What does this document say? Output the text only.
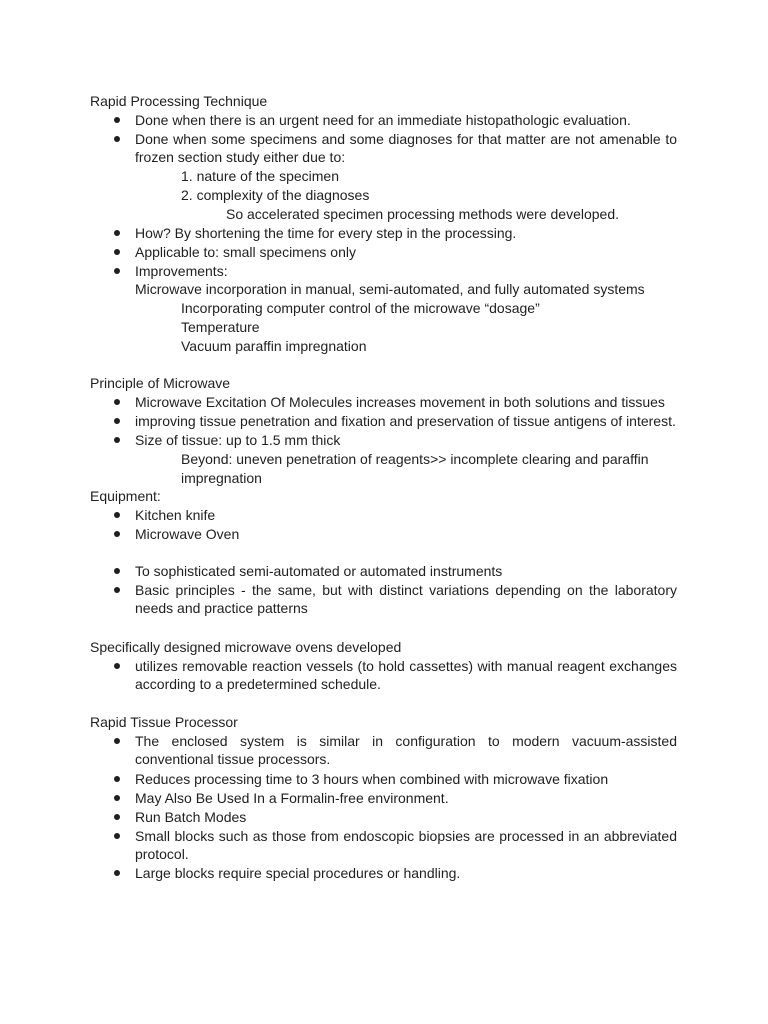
Rapid Processing Technique
Done when there is an urgent need for an immediate histopathologic evaluation.
Done when some specimens and some diagnoses for that matter are not amenable to frozen section study either due to:
1. nature of the specimen
2. complexity of the diagnoses
So accelerated specimen processing methods were developed.
How? By shortening the time for every step in the processing.
Applicable to: small specimens only
Improvements:
Microwave incorporation in manual, semi-automated, and fully automated systems
Incorporating computer control of the microwave “dosage”
Temperature
Vacuum paraffin impregnation
Principle of Microwave
Microwave Excitation Of Molecules increases movement in both solutions and tissues
improving tissue penetration and fixation and preservation of tissue antigens of interest.
Size of tissue: up to 1.5 mm thick
Beyond: uneven penetration of reagents>> incomplete clearing and paraffin
impregnation
Equipment:
Kitchen knife
Microwave Oven
To sophisticated semi-automated or automated instruments
Basic principles - the same, but with distinct variations depending on the laboratory needs and practice patterns
Specifically designed microwave ovens developed
utilizes removable reaction vessels (to hold cassettes) with manual reagent exchanges according to a predetermined schedule.
Rapid Tissue Processor
The enclosed system is similar in configuration to modern vacuum-assisted conventional tissue processors.
Reduces processing time to 3 hours when combined with microwave fixation
May Also Be Used In a Formalin-free environment.
Run Batch Modes
Small blocks such as those from endoscopic biopsies are processed in an abbreviated protocol.
Large blocks require special procedures or handling.
